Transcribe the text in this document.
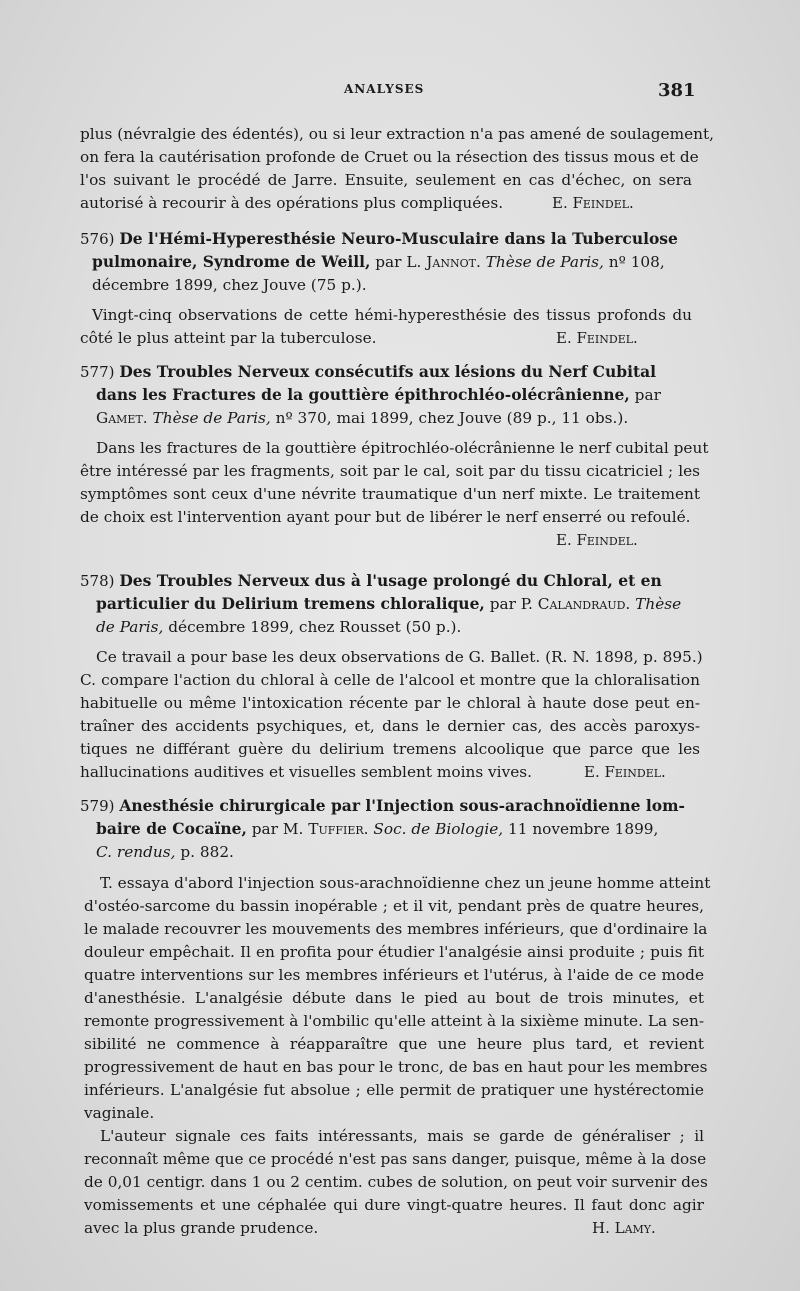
ANALYSES	381
plus (névralgie des édentés), ou si leur extraction n'a pas amené de soulagement,
on fera la cautérisation profonde de Cruet ou la résection des tissus mous et de
l'os suivant le procédé de Jarre. Ensuite, seulement en cas d'échec, on sera
autorisé à recourir à des opérations plus compliquées.	E. Feindel.
576) De l'Hémi-Hyperesthésie Neuro-Musculaire dans la Tuberculose
pulmonaire, Syndrome de Weill, par L. Jannot. Thèse de Paris, nº 108,
décembre 1899, chez Jouve (75 p.).
Vingt-cinq observations de cette hémi-hyperesthésie des tissus profonds du
côté le plus atteint par la tuberculose.	E. Feindel.
577) Des Troubles Nerveux consécutifs aux lésions du Nerf Cubital
dans les Fractures de la gouttière épithrochléo-olécrânienne, par
Gamet. Thèse de Paris, nº 370, mai 1899, chez Jouve (89 p., 11 obs.).
Dans les fractures de la gouttière épitrochléo-olécrânienne le nerf cubital peut
être intéressé par les fragments, soit par le cal, soit par du tissu cicatriciel ; les
symptômes sont ceux d'une névrite traumatique d'un nerf mixte. Le traitement
de choix est l'intervention ayant pour but de libérer le nerf enserré ou refoulé.
E. Feindel.
578) Des Troubles Nerveux dus à l'usage prolongé du Chloral, et en
particulier du Delirium tremens chloralique, par P. Calandraud. Thèse
de Paris, décembre 1899, chez Rousset (50 p.).
Ce travail a pour base les deux observations de G. Ballet. (R. N. 1898, p. 895.)
C. compare l'action du chloral à celle de l'alcool et montre que la chloralisation
habituelle ou même l'intoxication récente par le chloral à haute dose peut en-
traîner des accidents psychiques, et, dans le dernier cas, des accès paroxys-
tiques ne différant guère du delirium tremens alcoolique que parce que les
hallucinations auditives et visuelles semblent moins vives.	E. Feindel.
579) Anesthésie chirurgicale par l'Injection sous-arachnoïdienne lom-
baire de Cocaïne, par M. Tuffier. Soc. de Biologie, 11 novembre 1899,
C. rendus, p. 882.
T. essaya d'abord l'injection sous-arachnoïdienne chez un jeune homme atteint
d'ostéo-sarcome du bassin inopérable ; et il vit, pendant près de quatre heures,
le malade recouvrer les mouvements des membres inférieurs, que d'ordinaire la
douleur empêchait. Il en profita pour étudier l'analgésie ainsi produite ; puis fit
quatre interventions sur les membres inférieurs et l'utérus, à l'aide de ce mode
d'anesthésie. L'analgésie débute dans le pied au bout de trois minutes, et
remonte progressivement à l'ombilic qu'elle atteint à la sixième minute. La sen-
sibilité ne commence à réapparaître que une heure plus tard, et revient
progressivement de haut en bas pour le tronc, de bas en haut pour les membres
inférieurs. L'analgésie fut absolue ; elle permit de pratiquer une hystérectomie
vaginale.
L'auteur signale ces faits intéressants, mais se garde de généraliser ; il
reconnaît même que ce procédé n'est pas sans danger, puisque, même à la dose
de 0,01 centigr. dans 1 ou 2 centim. cubes de solution, on peut voir survenir des
vomissements et une céphalée qui dure vingt-quatre heures. Il faut donc agir
avec la plus grande prudence.	H. Lamy.
